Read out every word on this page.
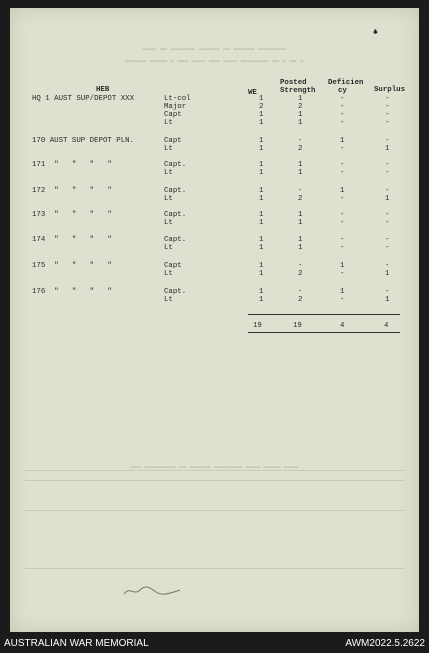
▬▬▬▬ ▬▬ ▬▬▬▬▬▬▬ ▬▬▬▬▬▬ ▬▬ ▬▬▬▬▬▬ ▬▬▬▬▬▬▬▬
▬▬▬▬▬▬ ▬▬▬▬▬ ▬ ▬▬▬ ▬▬▬▬ ▬▬▬ ▬▬▬▬ ▬▬▬▬▬▬▬▬ ▬▬ ▬ ▬▬ ▬
▬▬▬ ▬▬▬▬▬▬▬▬▬ ▬▬ ▬▬▬▬▬▬ ▬▬▬▬▬▬▬▬ ▬▬▬▬ ▬▬▬▬▬ ▬▬▬▬
♣
HEB	WE
Posted
Strength
Deficien
cy	Surplus
HQ 1 AUST SUP/DEPOT XXX	Lt-col	1	1	-	-
Major	2	2	-	-
Capt	1	1	-	-
Lt	1	1	-	-
170 AUST SUP DEPOT PLN.	Capt	1	-	1	-
Lt	1	2	-	1
171  "   "   "   "	Capt.	1	1	-	-
Lt	1	1	-	-
172  "   "   "   "	Capt.	1	-	1	-
Lt	1	2	-	1
173  "   "   "   "	Capt.	1	1	-	-
Lt	1	1	-	-
174  "   "   "   "	Capt.	1	1	-	-
Lt	1	1	-	-
175  "   "   "   "	Capt	1	-	1	-
Lt	1	2	-	1
176  "   "   "   "	Capt.	1	-	1	-
Lt	1	2	-	1
19	19	4	4
AUSTRALIAN WAR MEMORIAL	AWM2022.5.2622
